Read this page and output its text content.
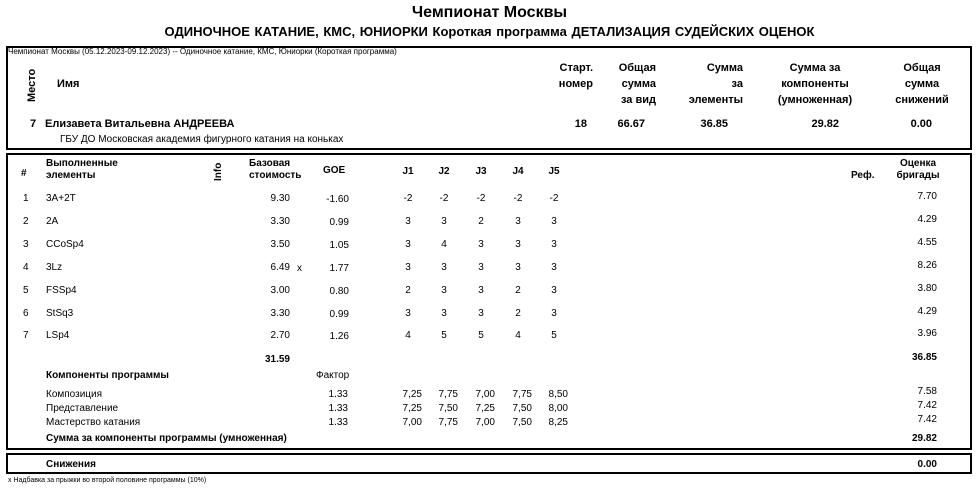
Чемпионат Москвы
ОДИНОЧНОЕ КАТАНИЕ, КМС, ЮНИОРКИ Короткая программа ДЕТАЛИЗАЦИЯ СУДЕЙСКИХ ОЦЕНОК
Чемпионат Москвы (05.12.2023-09.12.2023) -- Одиночное катание, КМС, Юниорки (Короткая программа)
Место Имя
Старт.
номер
Общая
сумма
за вид
Сумма
за
элементы
Сумма за
компоненты
(умноженная)
Общая
сумма
снижений
7 Елизавета Витальевна АНДРЕЕВА
ГБУ ДО Московская академия фигурного катания на коньках
18	66.67	36.85	29.82	0.00
#
Выполненные
элементы	Info	Базовая
стоимость GOE	J1	J2	J3	J4	J5	Реф.
Оценка
бригады
1 3A+2T	9.30	-1.60	-2	-2	-2	-2	-2	7.70
2 2A	3.30	0.99	3	3	2	3	3	4.29
3 CCoSp4	3.50	1.05	3	4	3	3	3	4.55
4 3Lz	6.49 x	1.77	3	3	3	3	3	8.26
5 FSSp4	3.00	0.80	2	3	3	2	3	3.80
6 StSq3	3.30	0.99	3	3	3	2	3	4.29
7 LSp4	2.70	1.26	4	5	5	4	5	3.96
31.59	36.85
Компоненты программы	Фактор
Композиция	1.33	7,25	7,75	7,00	7,75	8,50	7.58
Представление	1.33	7,25	7,50	7,25	7,50	8,00	7.42
Мастерство катания	1.33	7,00	7,75	7,00	7,50	8,25	7.42
Сумма за компоненты программы (умноженная)	29.82
Снижения	0.00
x Надбавка за прыжки во второй половине программы (10%)
